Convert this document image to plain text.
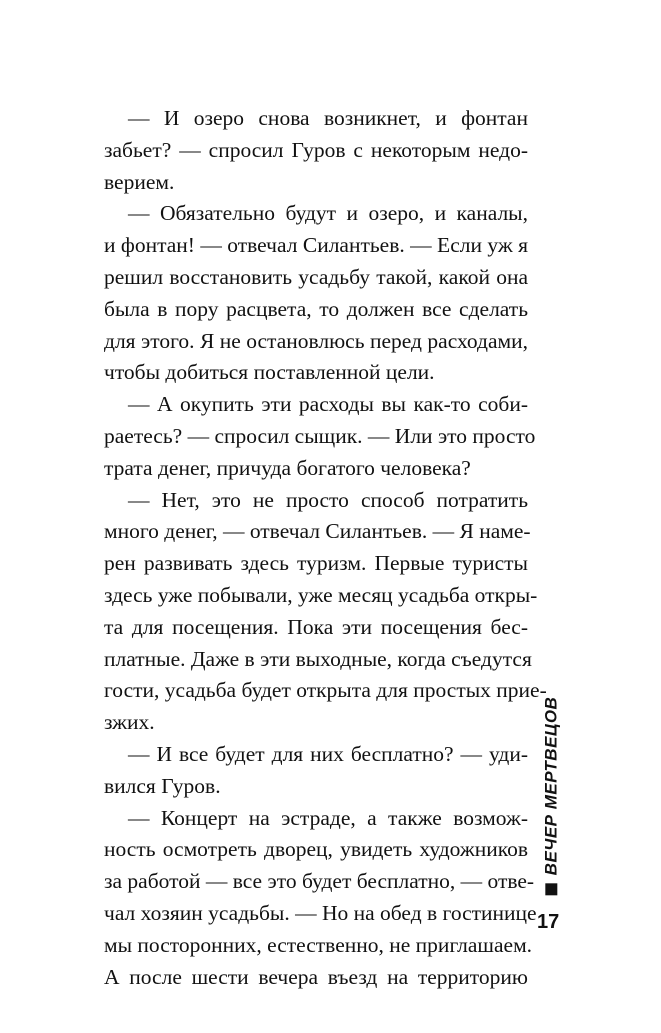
— И озеро снова возникнет, и фонтан
забьет? — спросил Гуров с некоторым недо-
верием.
— Обязательно будут и озеро, и каналы,
и фонтан! — отвечал Силантьев. — Если уж я
решил восстановить усадьбу такой, какой она
была в пору расцвета, то должен все сделать
для этого. Я не остановлюсь перед расходами,
чтобы добиться поставленной цели.
— А окупить эти расходы вы как-то соби-
раетесь? — спросил сыщик. — Или это просто
трата денег, причуда богатого человека?
— Нет, это не просто способ потратить
много денег, — отвечал Силантьев. — Я наме-
рен развивать здесь туризм. Первые туристы
здесь уже побывали, уже месяц усадьба откры-
та для посещения. Пока эти посещения бес-
платные. Даже в эти выходные, когда съедутся
гости, усадьба будет открыта для простых прие-
зжих.
— И все будет для них бесплатно? — уди-
вился Гуров.
— Концерт на эстраде, а также возмож-
ность осмотреть дворец, увидеть художников
за работой — все это будет бесплатно, — отве-
чал хозяин усадьбы. — Но на обед в гостинице
мы посторонних, естественно, не приглашаем.
А после шести вечера въезд на территорию
ВЕЧЕР МЕРТВЕЦОВ
17
